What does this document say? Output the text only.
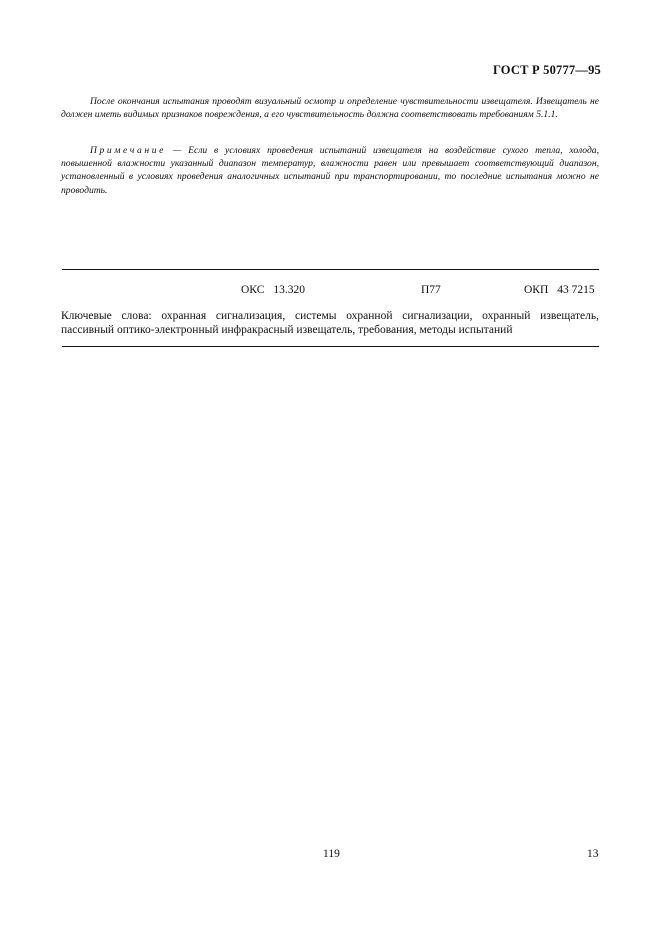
ГОСТ Р 50777—95

После окончания испытания проводят визуальный осмотр и определение чувствительности извещателя. Извещатель не должен иметь видимых признаков повреждения, а его чувствительность должна соответствовать требованиям 5.1.1.

Примечание — Если в условиях проведения испытаний извещателя на воздействие сухого тепла, холода, повышенной влажности указанный диапазон температур, влажности равен или превышает соответствующий диапазон, установленный в условиях проведения аналогичных испытаний при транспортировании, то последние испытания можно не проводить.

ОКС 13.320	П77	ОКП 43 7215
Ключевые слова: охранная сигнализация, системы охранной сигнализации, охранный извещатель, пассивный оптико-электронный инфракрасный извещатель, требования, методы испытаний
119	13
